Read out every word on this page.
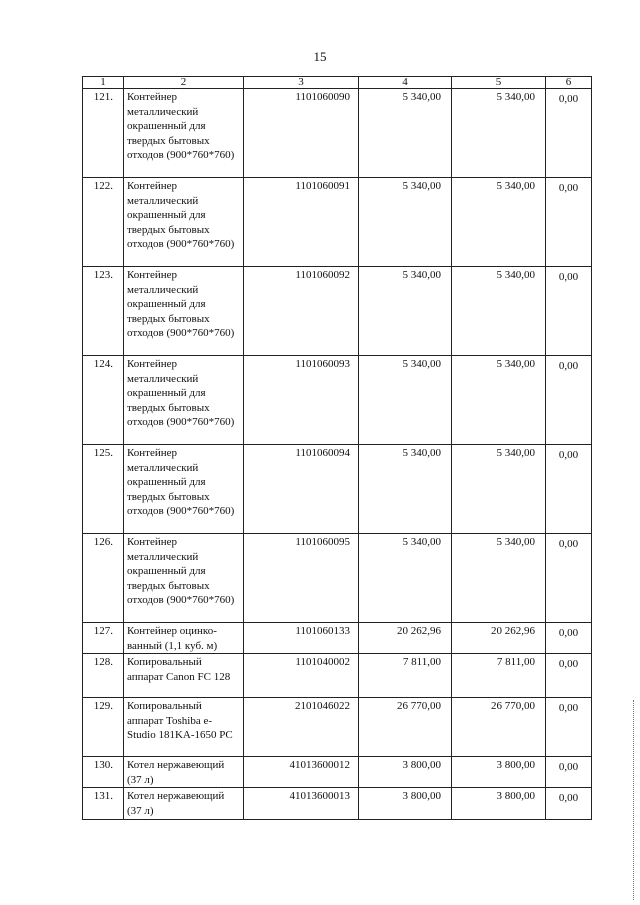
15
1	2	3	4	5	6
121.	Контейнер металлический окрашенный для твердых бытовых отходов (900*760*760)	1101060090	5 340,00	5 340,00	0,00
122.	Контейнер металлический окрашенный для твердых бытовых отходов (900*760*760)	1101060091	5 340,00	5 340,00	0,00
123.	Контейнер металлический окрашенный для твердых бытовых отходов (900*760*760)	1101060092	5 340,00	5 340,00	0,00
124.	Контейнер металлический окрашенный для твердых бытовых отходов (900*760*760)	1101060093	5 340,00	5 340,00	0,00
125.	Контейнер металлический окрашенный для твердых бытовых отходов (900*760*760)	1101060094	5 340,00	5 340,00	0,00
126.	Контейнер металлический окрашенный для твердых бытовых отходов (900*760*760)	1101060095	5 340,00	5 340,00	0,00
127.	Контейнер оцинко-ванный (1,1 куб. м)	1101060133	20 262,96	20 262,96	0,00
128.	Копировальный аппарат Canon FC 128	1101040002	7 811,00	7 811,00	0,00
129.	Копировальный аппарат Toshiba e-Studio 181KA-1650 PC	2101046022	26 770,00	26 770,00	0,00
130.	Котел нержавеющий (37 л)	41013600012	3 800,00	3 800,00	0,00
131.	Котел нержавеющий (37 л)	41013600013	3 800,00	3 800,00	0,00
